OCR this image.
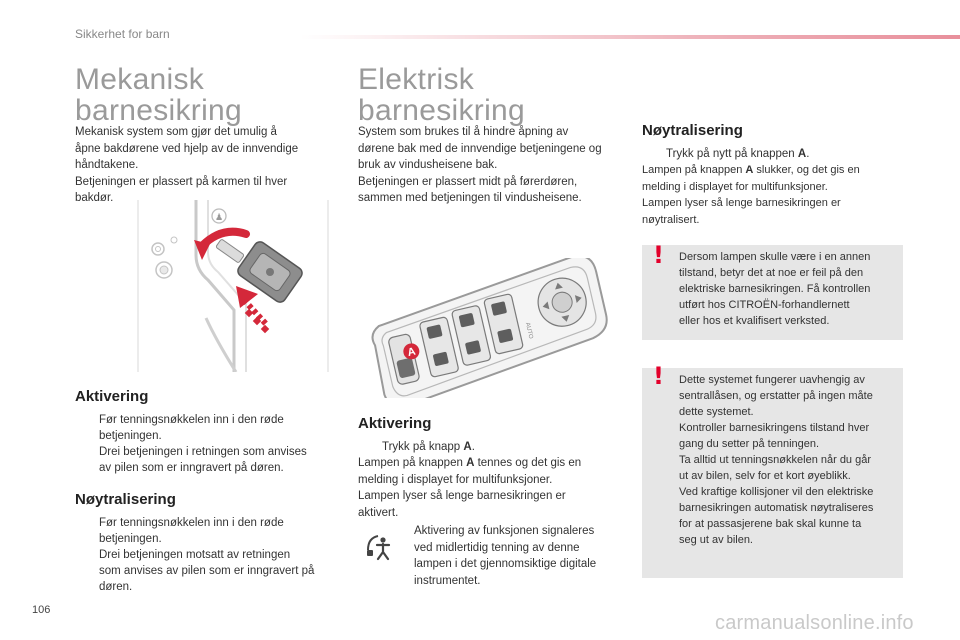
Sikkerhet for barn
Mekanisk
barnesikring

Mekanisk system som gjør det umulig å
åpne bakdørene ved hjelp av de innvendige
håndtakene.
Betjeningen er plassert på karmen til hver
bakdør.

♟
Aktivering
Før tenningsnøkkelen inn i den røde
betjeningen.
Drei betjeningen i retningen som anvises
av pilen som er inngravert på døren.
Nøytralisering
Før tenningsnøkkelen inn i den røde
betjeningen.
Drei betjeningen motsatt av retningen
som anvises av pilen som er inngravert på
døren.
Elektrisk
barnesikring

System som brukes til å hindre åpning av
dørene bak med de innvendige betjeningene og
bruk av vindusheisene bak.
Betjeningen er plassert midt på førerdøren,
sammen med betjeningen til vindusheisene.

A
AUTO
Aktivering
Trykk på knapp A.

Lampen på knappen A tennes og det gis en
melding i displayet for multifunksjoner.
Lampen lyser så lenge barnesikringen er
aktivert.

Aktivering av funksjonen signaleres
ved midlertidig tenning av denne
lampen i det gjennomsiktige digitale
instrumentet.

Nøytralisering
Trykk på nytt på knappen A.

Lampen på knappen A slukker, og det gis en
melding i displayet for multifunksjoner.
Lampen lyser så lenge barnesikringen er
nøytralisert.

! Dersom lampen skulle være i en annen
tilstand, betyr det at noe er feil på den
elektriske barnesikringen. Få kontrollen
utført hos CITROËN-forhandlernett
eller hos et kvalifisert verksted.
! Dette systemet fungerer uavhengig av
sentrallåsen, og erstatter på ingen måte
dette systemet.
Kontroller barnesikringens tilstand hver
gang du setter på tenningen.
Ta alltid ut tenningsnøkkelen når du går
ut av bilen, selv for et kort øyeblikk.
Ved kraftige kollisjoner vil den elektriske
barnesikringen automatisk nøytraliseres
for at passasjerene bak skal kunne ta
seg ut av bilen.
106
carmanualsonline.info
